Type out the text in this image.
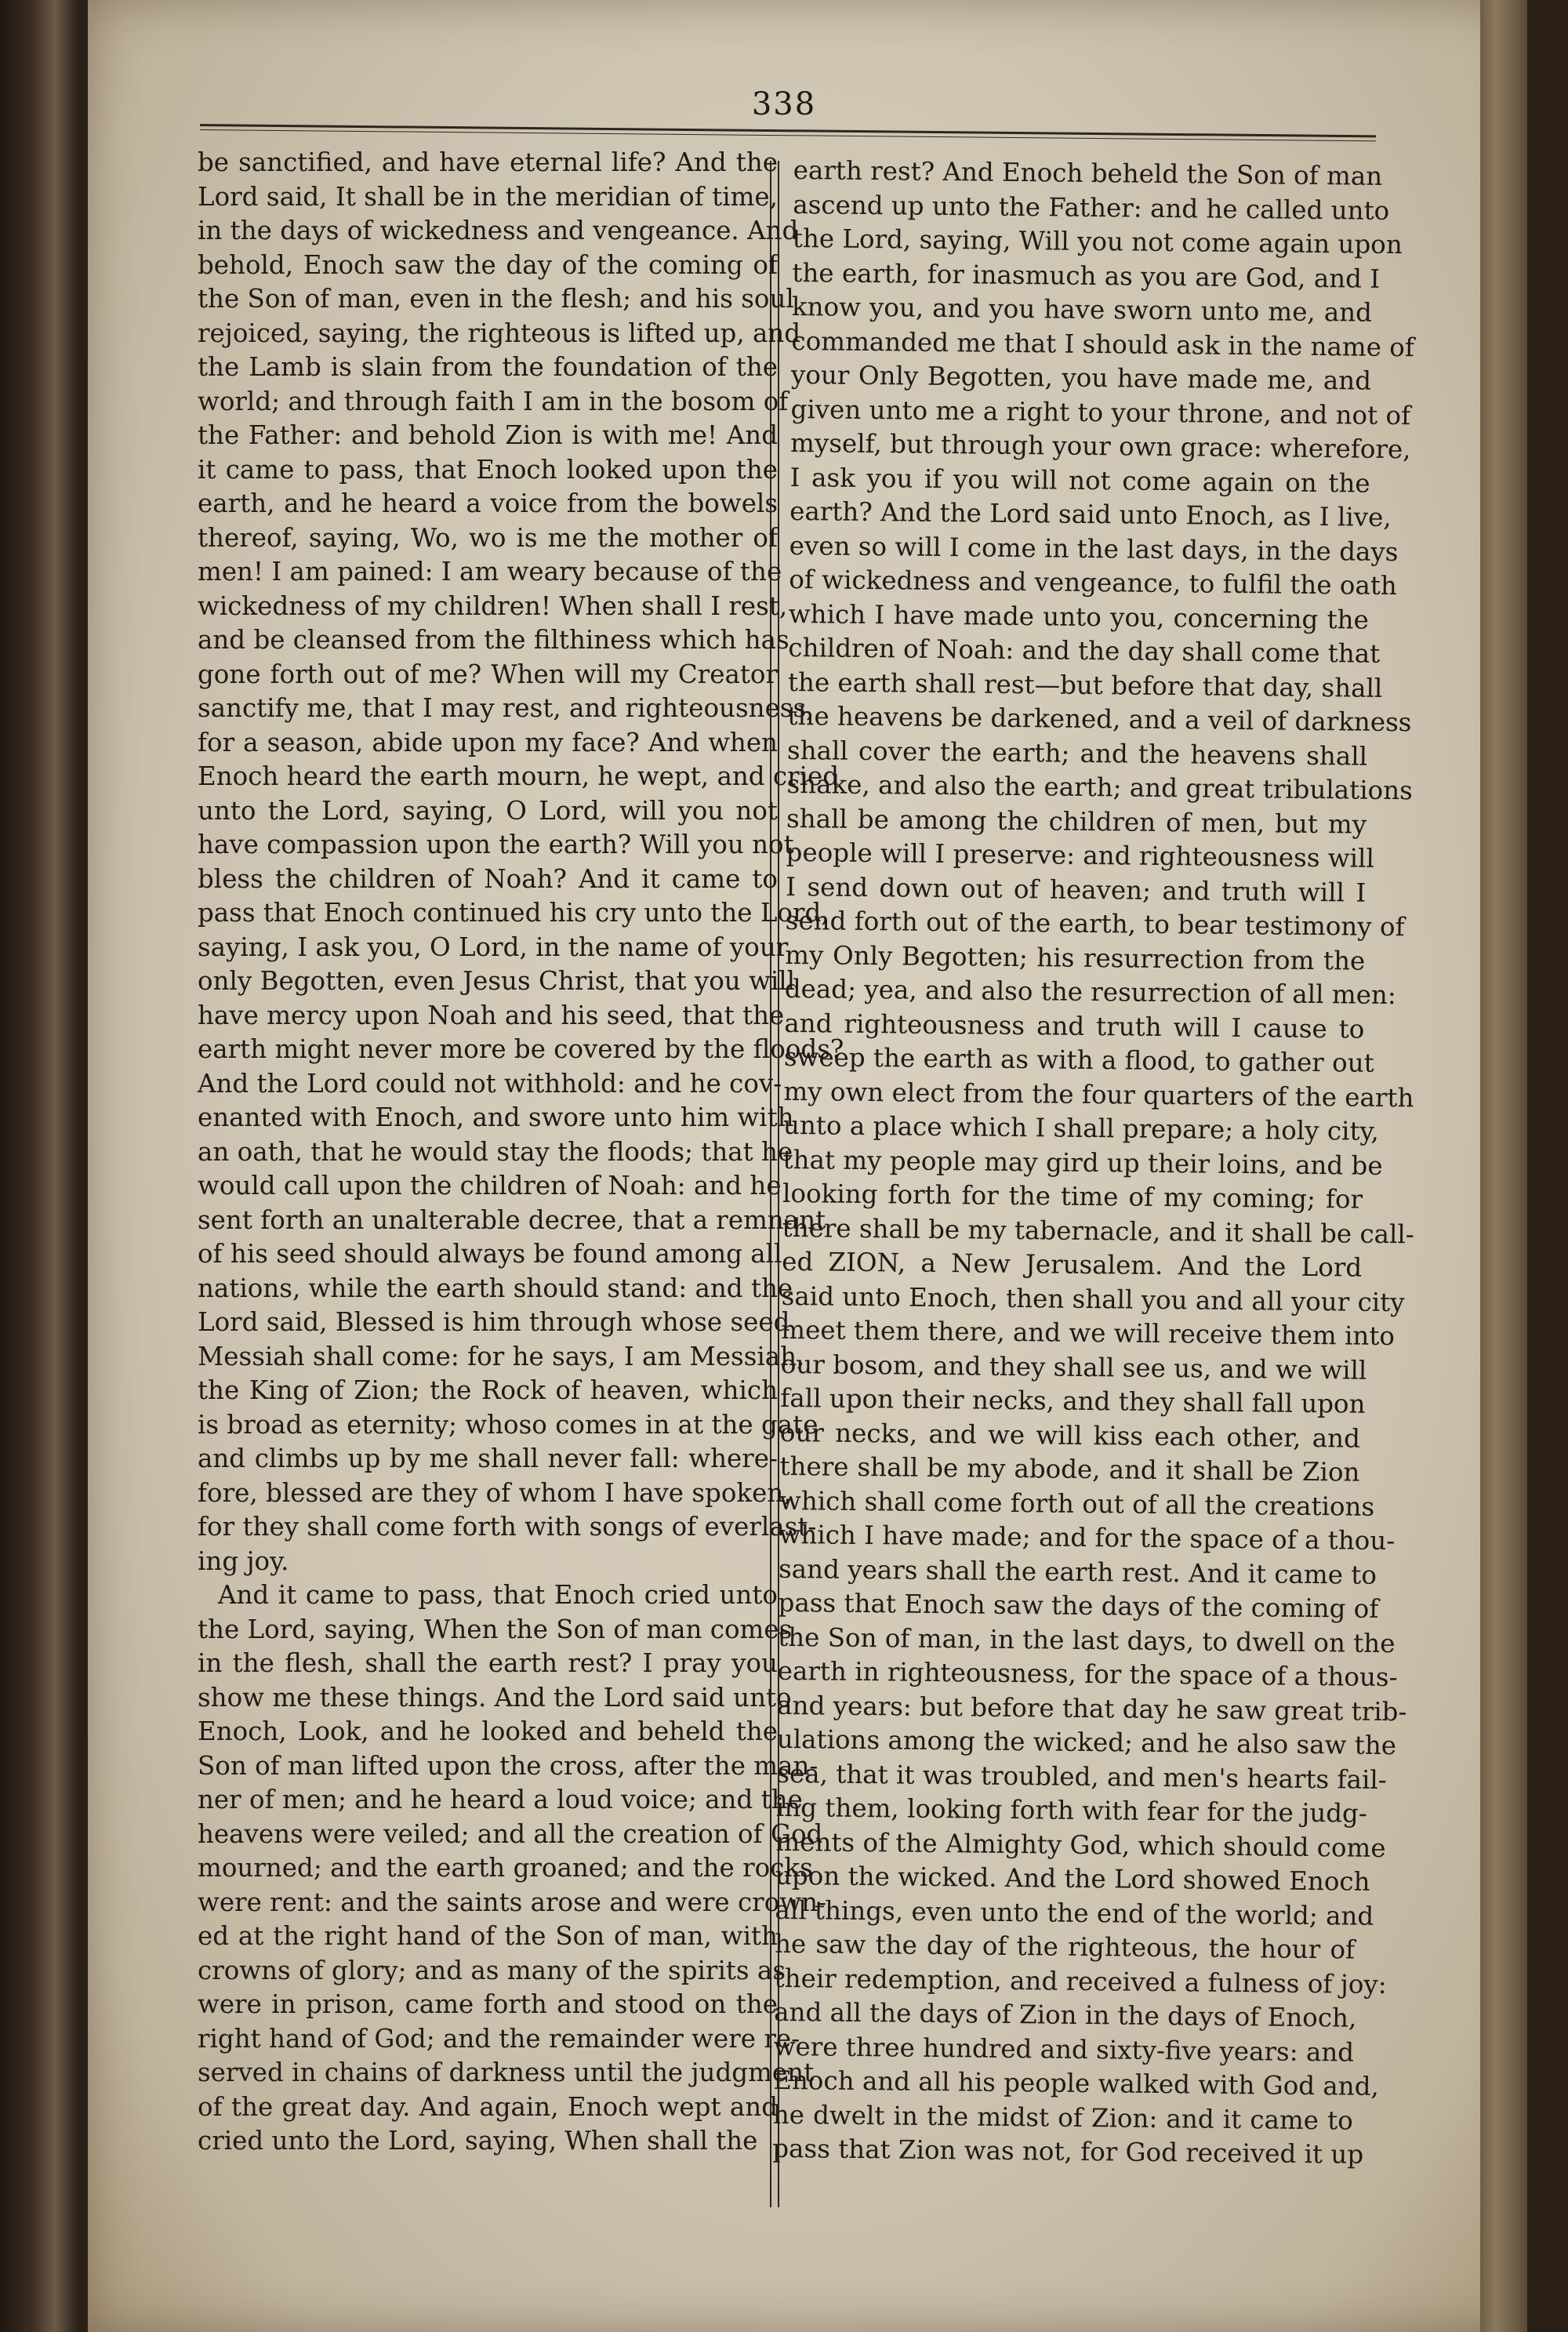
338
be sanctified, and have eternal life? And the
Lord said, It shall be in the meridian of time,
in the days of wickedness and vengeance. And
behold, Enoch saw the day of the coming of
the Son of man, even in the flesh; and his soul
rejoiced, saying, the righteous is lifted up, and
the Lamb is slain from the foundation of the
world; and through faith I am in the bosom of
the Father: and behold Zion is with me! And
it came to pass, that Enoch looked upon the
earth, and he heard a voice from the bowels
thereof, saying, Wo, wo is me the mother of
men! I am pained: I am weary because of the
wickedness of my children! When shall I rest,
and be cleansed from the filthiness which has
gone forth out of me? When will my Creator
sanctify me, that I may rest, and righteousness,
for a season, abide upon my face? And when
Enoch heard the earth mourn, he wept, and cried
unto the Lord, saying, O Lord, will you not
have compassion upon the earth? Will you not
bless the children of Noah? And it came to
pass that Enoch continued his cry unto the Lord,
saying, I ask you, O Lord, in the name of your
only Begotten, even Jesus Christ, that you will
have mercy upon Noah and his seed, that the
earth might never more be covered by the floods?
And the Lord could not withhold: and he cov-
enanted with Enoch, and swore unto him with
an oath, that he would stay the floods; that he
would call upon the children of Noah: and he
sent forth an unalterable decree, that a remnant
of his seed should always be found among all
nations, while the earth should stand: and the
Lord said, Blessed is him through whose seed
Messiah shall come: for he says, I am Messiah,
the King of Zion; the Rock of heaven, which
is broad as eternity; whoso comes in at the gate
and climbs up by me shall never fall: where-
fore, blessed are they of whom I have spoken,
for they shall come forth with songs of everlast-
ing joy.
And it came to pass, that Enoch cried unto
the Lord, saying, When the Son of man comes
in the flesh, shall the earth rest? I pray you
show me these things. And the Lord said unto
Enoch, Look, and he looked and beheld the
Son of man lifted upon the cross, after the man-
ner of men; and he heard a loud voice; and the
heavens were veiled; and all the creation of God
mourned; and the earth groaned; and the rocks
were rent: and the saints arose and were crown-
ed at the right hand of the Son of man, with
crowns of glory; and as many of the spirits as
were in prison, came forth and stood on the
right hand of God; and the remainder were re-
served in chains of darkness until the judgment
of the great day. And again, Enoch wept and
cried unto the Lord, saying, When shall the
earth rest? And Enoch beheld the Son of man
ascend up unto the Father: and he called unto
the Lord, saying, Will you not come again upon
the earth, for inasmuch as you are God, and I
know you, and you have sworn unto me, and
commanded me that I should ask in the name of
your Only Begotten, you have made me, and
given unto me a right to your throne, and not of
myself, but through your own grace: wherefore,
I ask you if you will not come again on the
earth? And the Lord said unto Enoch, as I live,
even so will I come in the last days, in the days
of wickedness and vengeance, to fulfil the oath
which I have made unto you, concerning the
children of Noah: and the day shall come that
the earth shall rest—but before that day, shall
the heavens be darkened, and a veil of darkness
shall cover the earth; and the heavens shall
shake, and also the earth; and great tribulations
shall be among the children of men, but my
people will I preserve: and righteousness will
I send down out of heaven; and truth will I
send forth out of the earth, to bear testimony of
my Only Begotten; his resurrection from the
dead; yea, and also the resurrection of all men:
and righteousness and truth will I cause to
sweep the earth as with a flood, to gather out
my own elect from the four quarters of the earth
unto a place which I shall prepare; a holy city,
that my people may gird up their loins, and be
looking forth for the time of my coming; for
there shall be my tabernacle, and it shall be call-
ed ZION, a New Jerusalem. And the Lord
said unto Enoch, then shall you and all your city
meet them there, and we will receive them into
our bosom, and they shall see us, and we will
fall upon their necks, and they shall fall upon
our necks, and we will kiss each other, and
there shall be my abode, and it shall be Zion
which shall come forth out of all the creations
which I have made; and for the space of a thou-
sand years shall the earth rest. And it came to
pass that Enoch saw the days of the coming of
the Son of man, in the last days, to dwell on the
earth in righteousness, for the space of a thous-
and years: but before that day he saw great trib-
ulations among the wicked; and he also saw the
sea, that it was troubled, and men's hearts fail-
ing them, looking forth with fear for the judg-
ments of the Almighty God, which should come
upon the wicked. And the Lord showed Enoch
all things, even unto the end of the world; and
he saw the day of the righteous, the hour of
their redemption, and received a fulness of joy:
and all the days of Zion in the days of Enoch,
were three hundred and sixty-five years: and
Enoch and all his people walked with God and,
he dwelt in the midst of Zion: and it came to
pass that Zion was not, for God received it up
